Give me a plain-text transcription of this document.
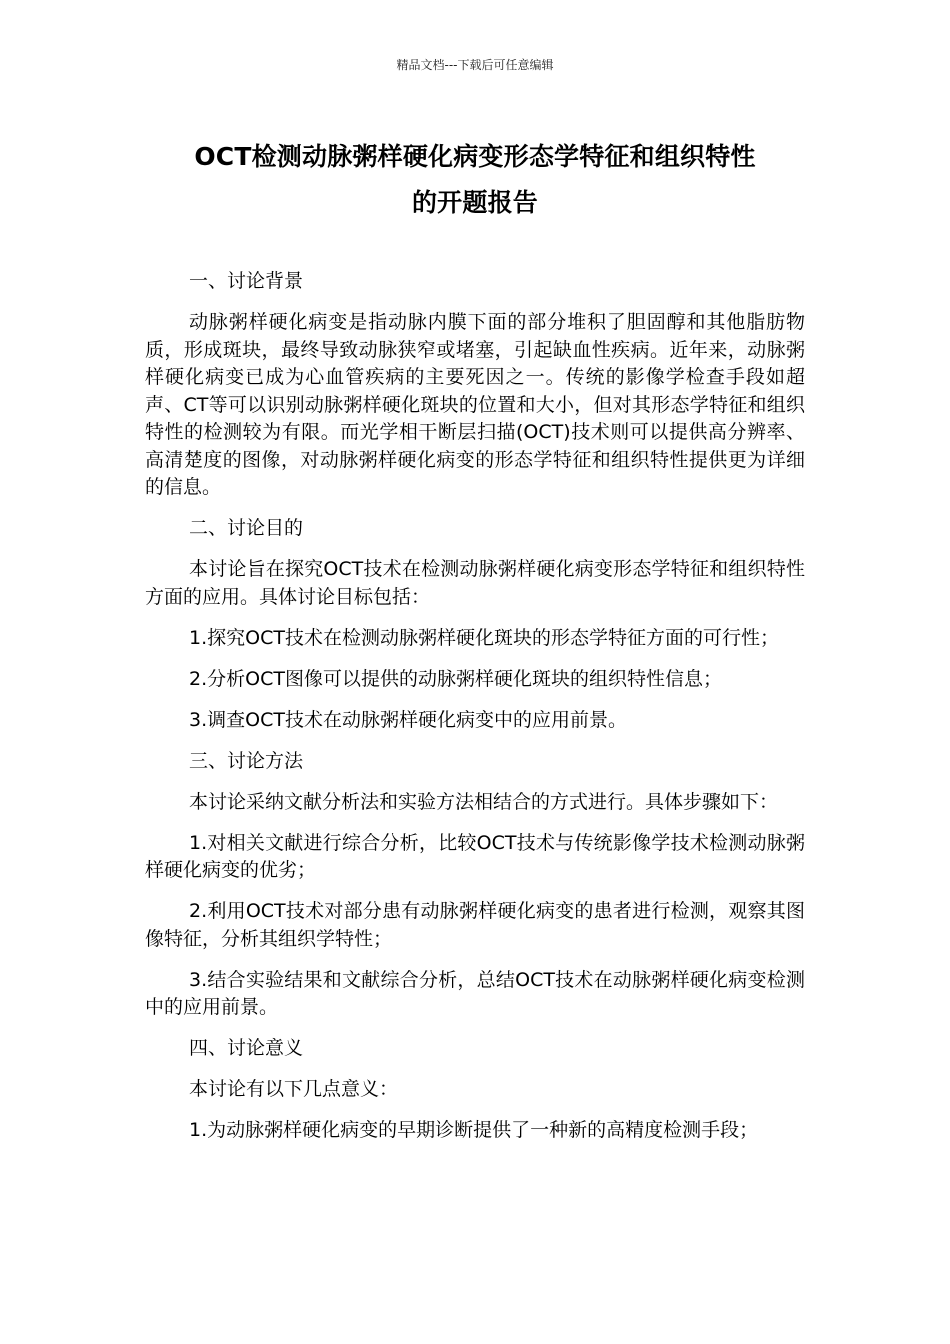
精品文档---下载后可任意编辑
OCT检测动脉粥样硬化病变形态学特征和组织特性
的开题报告

一、讨论背景

动脉粥样硬化病变是指动脉内膜下面的部分堆积了胆固醇和其他脂肪物质，形成斑块，最终导致动脉狭窄或堵塞，引起缺血性疾病。近年来，动脉粥样硬化病变已成为心血管疾病的主要死因之一。传统的影像学检查手段如超声、CT等可以识别动脉粥样硬化斑块的位置和大小，但对其形态学特征和组织特性的检测较为有限。而光学相干断层扫描(OCT)技术则可以提供高分辨率、高清楚度的图像，对动脉粥样硬化病变的形态学特征和组织特性提供更为详细的信息。

二、讨论目的

本讨论旨在探究OCT技术在检测动脉粥样硬化病变形态学特征和组织特性方面的应用。具体讨论目标包括：

1.探究OCT技术在检测动脉粥样硬化斑块的形态学特征方面的可行性；

2.分析OCT图像可以提供的动脉粥样硬化斑块的组织特性信息；

3.调查OCT技术在动脉粥样硬化病变中的应用前景。

三、讨论方法

本讨论采纳文献分析法和实验方法相结合的方式进行。具体步骤如下：

1.对相关文献进行综合分析，比较OCT技术与传统影像学技术检测动脉粥样硬化病变的优劣；

2.利用OCT技术对部分患有动脉粥样硬化病变的患者进行检测，观察其图像特征，分析其组织学特性；

3.结合实验结果和文献综合分析，总结OCT技术在动脉粥样硬化病变检测中的应用前景。

四、讨论意义

本讨论有以下几点意义：

1.为动脉粥样硬化病变的早期诊断提供了一种新的高精度检测手段；
